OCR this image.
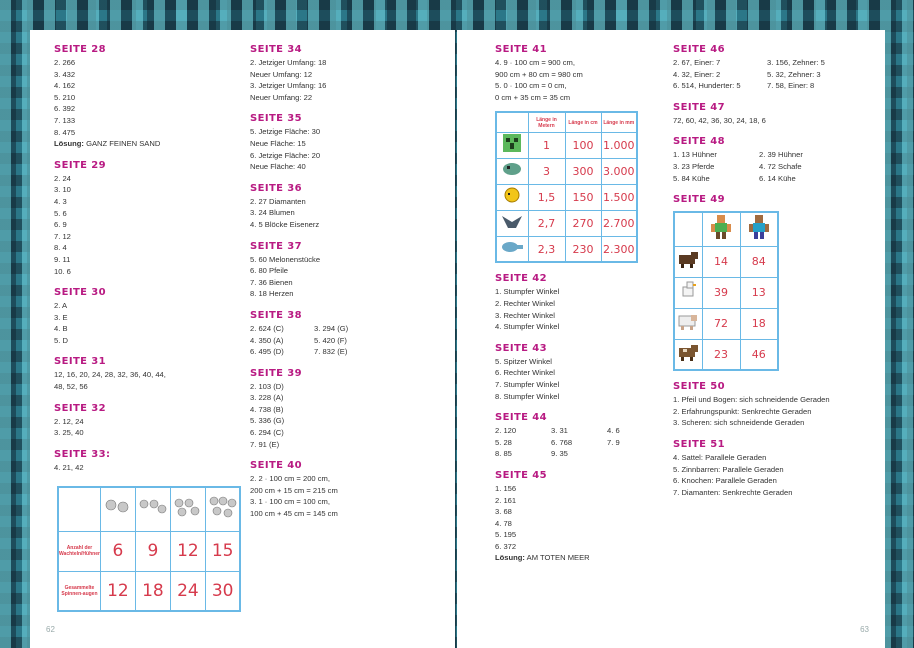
SEITE 28
2. 266
3. 432
4. 162
5. 210
6. 392
7. 133
8. 475
Lösung: GANZ FEINEN SAND
SEITE 29
2. 24
3. 10
4. 3
5. 6
6. 9
7. 12
8. 4
9. 11
10. 6
SEITE 30
2. A
3. E
4. B
5. D
SEITE 31
12, 16, 20, 24, 28, 32, 36, 40, 44,
48, 52, 56
SEITE 32
2. 12, 24
3. 25, 40
SEITE 33:
4. 21, 42

Anzahl der Wachteln/Hühner	6	9	12	15
Gesammelte Spinnen-augen	12	18	24	30
SEITE 34
2. Jetziger Umfang: 18
Neuer Umfang: 12
3. Jetziger Umfang: 16
Neuer Umfang: 22
SEITE 35
5. Jetzige Fläche: 30
Neue Fläche: 15
6. Jetzige Fläche: 20
Neue Fläche: 40
SEITE 36
2. 27 Diamanten
3. 24 Blumen
4. 5 Blöcke Eisenerz
SEITE 37
5. 60 Melonenstücke
6. 80 Pfeile
7. 36 Bienen
8. 18 Herzen
SEITE 38
2. 624 (C)
4. 350 (A)
6. 495 (D)
3. 294 (G)
5. 420 (F)
7. 832 (E)
SEITE 39
2. 103 (D)
3. 228 (A)
4. 738 (B)
5. 336 (G)
6. 294 (C)
7. 91 (E)
SEITE 40
2. 2 · 100 cm = 200 cm,
200 cm + 15 cm = 215 cm
3. 1 · 100 cm = 100 cm,
100 cm + 45 cm = 145 cm
62
SEITE 41
4. 9 · 100 cm = 900 cm,
900 cm + 80 cm = 980 cm
5. 0 · 100 cm = 0 cm,
0 cm + 35 cm = 35 cm
	Länge in Metern	Länge in cm	Länge in mm
	1	100	1.000
	3	300	3.000
	1,5	150	1.500
	2,7	270	2.700
	2,3	230	2.300
SEITE 42
1. Stumpfer Winkel
2. Rechter Winkel
3. Rechter Winkel
4. Stumpfer Winkel
SEITE 43
5. Spitzer Winkel
6. Rechter Winkel
7. Stumpfer Winkel
8. Stumpfer Winkel
SEITE 44
2. 120
5. 28
8. 85
3. 31
6. 768
9. 35
4. 6
7. 9
SEITE 45
1. 156
2. 161
3. 68
4. 78
5. 195
6. 372
Lösung: AM TOTEN MEER
SEITE 46
2. 67, Einer: 7
4. 32, Einer: 2
6. 514, Hunderter: 5
3. 156, Zehner: 5
5. 32, Zehner: 3
7. 58, Einer: 8
SEITE 47
72, 60, 42, 36, 30, 24, 18, 6
SEITE 48
1. 13 Hühner
3. 23 Pferde
5. 84 Kühe
2. 39 Hühner
4. 72 Schafe
6. 14 Kühe
SEITE 49

	14	84
	39	13
	72	18
	23	46
SEITE 50
1. Pfeil und Bogen: sich schneidende Geraden
2. Erfahrungspunkt: Senkrechte Geraden
3. Scheren: sich schneidende Geraden
SEITE 51
4. Sattel: Parallele Geraden
5. Zinnbarren: Parallele Geraden
6. Knochen: Parallele Geraden
7. Diamanten: Senkrechte Geraden
63
